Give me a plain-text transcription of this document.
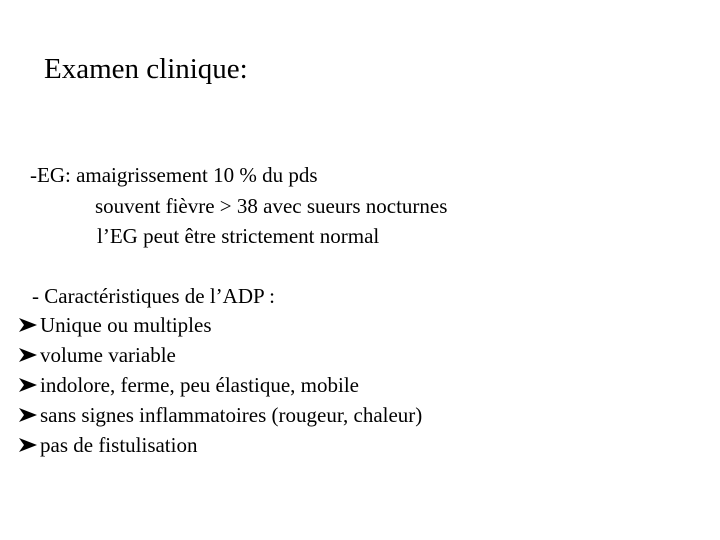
Examen clinique:
-EG: amaigrissement 10 % du pds
souvent fièvre > 38 avec sueurs nocturnes
l’EG peut être strictement normal
- Caractéristiques de l’ADP :
Unique ou multiples
volume variable
indolore, ferme, peu élastique, mobile
sans signes inflammatoires (rougeur, chaleur)
pas de fistulisation
